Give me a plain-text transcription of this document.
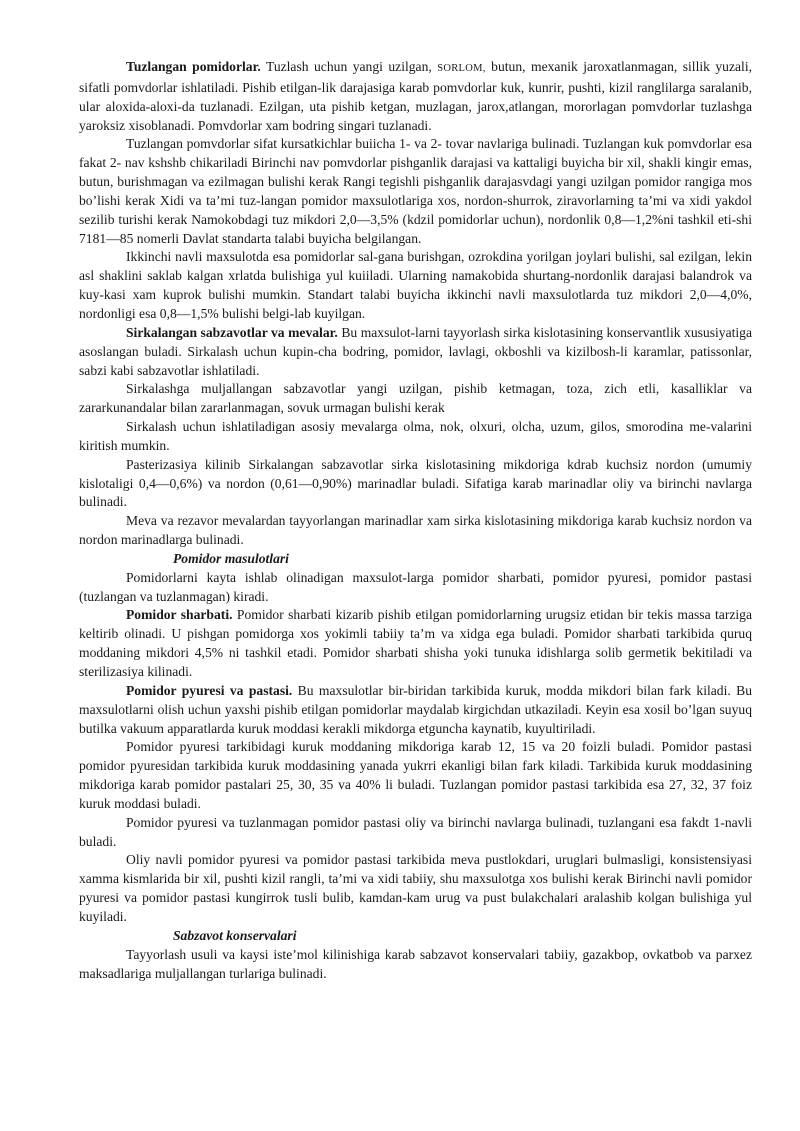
Tuzlangan pomidorlar. Tuzlash uchun yangi uzilgan, SORLOM, butun, mexanik jaroxatlanmagan, sillik yuzali, sifatli pomvdorlar ishlatiladi. Pishib etilgan-lik darajasiga karab pomvdorlar kuk, kunrir, pushti, kizil ranglilarga saralanib, ular aloxida-aloxi-da tuzlanadi. Ezilgan, uta pishib ketgan, muzlagan, jarox,atlangan, mororlagan pomvdorlar tuzlashga yaroksiz xisoblanadi. Pomvdorlar xam bodring singari tuzlanadi.

Tuzlangan pomvdorlar sifat kursatkichlar buiicha 1- va 2- tovar navlariga bulinadi. Tuzlangan kuk pomvdorlar esa fakat 2- nav kshshb chikariladi Birinchi nav pomvdorlar pishganlik darajasi va kattaligi buyicha bir xil, shakli kingir emas, butun, burishmagan va ezilmagan bulishi kerak Rangi tegishli pishganlik darajasvdagi yangi uzilgan pomidor rangiga mos bo’lishi kerak Xidi va ta’mi tuz-langan pomidor maxsulotlariga xos, nordon-shurrok, ziravorlarning ta’mi va xidi yakdol sezilib turishi kerak Namokobdagi tuz mikdori 2,0—3,5% (kdzil pomidorlar uchun), nordonlik 0,8—1,2%ni tashkil eti-shi 7181—85 nomerli Davlat standarta talabi buyicha belgilangan.

Ikkinchi navli maxsulotda esa pomidorlar sal-gana burishgan, ozrokdina yorilgan joylari bulishi, sal ezilgan, lekin asl shaklini saklab kalgan xrlatda bulishiga yul kuiiladi. Ularning namakobida shurtang-nordonlik darajasi balandrok va kuy-kasi xam kuprok bulishi mumkin. Standart talabi buyicha ikkinchi navli maxsulotlarda tuz mikdori 2,0—4,0%, nordonligi esa 0,8—1,5% bulishi belgi-lab kuyilgan.

Sirkalangan sabzavotlar va mevalar. Bu maxsulot-larni tayyorlash sirka kislotasining konservantlik xususiyatiga asoslangan buladi. Sirkalash uchun kupin-cha bodring, pomidor, lavlagi, okboshli va kizilbosh-li karamlar, patissonlar, sabzi kabi sabzavotlar ishlatiladi.

Sirkalashga muljallangan sabzavotlar yangi uzilgan, pishib ketmagan, toza, zich etli, kasalliklar va zararkunandalar bilan zararlanmagan, sovuk urmagan bulishi kerak

Sirkalash uchun ishlatiladigan asosiy mevalarga olma, nok, olxuri, olcha, uzum, gilos, smorodina me-valarini kiritish mumkin.

Pasterizasiya kilinib Sirkalangan sabzavotlar sirka kislotasining mikdoriga kdrab kuchsiz nordon (umumiy kislotaligi 0,4—0,6%) va nordon (0,61—0,90%) marinadlar buladi. Sifatiga karab marinadlar oliy va birinchi navlarga bulinadi.

Meva va rezavor mevalardan tayyorlangan marinadlar xam sirka kislotasining mikdoriga karab kuchsiz nordon va nordon marinadlarga bulinadi.

Pomidor masulotlari

Pomidorlarni kayta ishlab olinadigan maxsulot-larga pomidor sharbati, pomidor pyuresi, pomidor pastasi (tuzlangan va tuzlanmagan) kiradi.

Pomidor sharbati. Pomidor sharbati kizarib pishib etilgan pomidorlarning urugsiz etidan bir tekis massa tarziga keltirib olinadi. U pishgan pomidorga xos yokimli tabiiy ta’m va xidga ega buladi. Pomidor sharbati tarkibida quruq moddaning mikdori 4,5% ni tashkil etadi. Pomidor sharbati shisha yoki tunuka idishlarga solib germetik bekitiladi va sterilizasiya kilinadi.

Pomidor pyuresi va pastasi. Bu maxsulotlar bir-biridan tarkibida kuruk, modda mikdori bilan fark kiladi. Bu maxsulotlarni olish uchun yaxshi pishib etilgan pomidorlar maydalab kirgichdan utkaziladi. Keyin esa xosil bo’lgan suyuq butilka vakuum apparatlarda kuruk moddasi kerakli mikdorga etguncha kaynatib, kuyultiriladi.

Pomidor pyuresi tarkibidagi kuruk moddaning mikdoriga karab 12, 15 va 20 foizli buladi. Pomidor pastasi pomidor pyuresidan tarkibida kuruk moddasining yanada yukrri ekanligi bilan fark kiladi. Tarkibida kuruk moddasining mikdoriga karab pomidor pastalari 25, 30, 35 va 40% li buladi. Tuzlangan pomidor pastasi tarkibida esa 27, 32, 37 foiz kuruk moddasi buladi.

Pomidor pyuresi va tuzlanmagan pomidor pastasi oliy va birinchi navlarga bulinadi, tuzlangani esa fakdt 1-navli buladi.

Oliy navli pomidor pyuresi va pomidor pastasi tarkibida meva pustlokdari, uruglari bulmasligi, konsistensiyasi xamma kismlarida bir xil, pushti kizil rangli, ta’mi va xidi tabiiy, shu maxsulotga xos bulishi kerak Birinchi navli pomidor pyuresi va pomidor pastasi kungirrok tusli bulib, kamdan-kam urug va pust bulakchalari aralashib kolgan bulishiga yul kuyiladi.

Sabzavot konservalari

Tayyorlash usuli va kaysi iste’mol kilinishiga karab sabzavot konservalari tabiiy, gazakbop, ovkatbob va parxez maksadlariga muljallangan turlariga bulinadi.
